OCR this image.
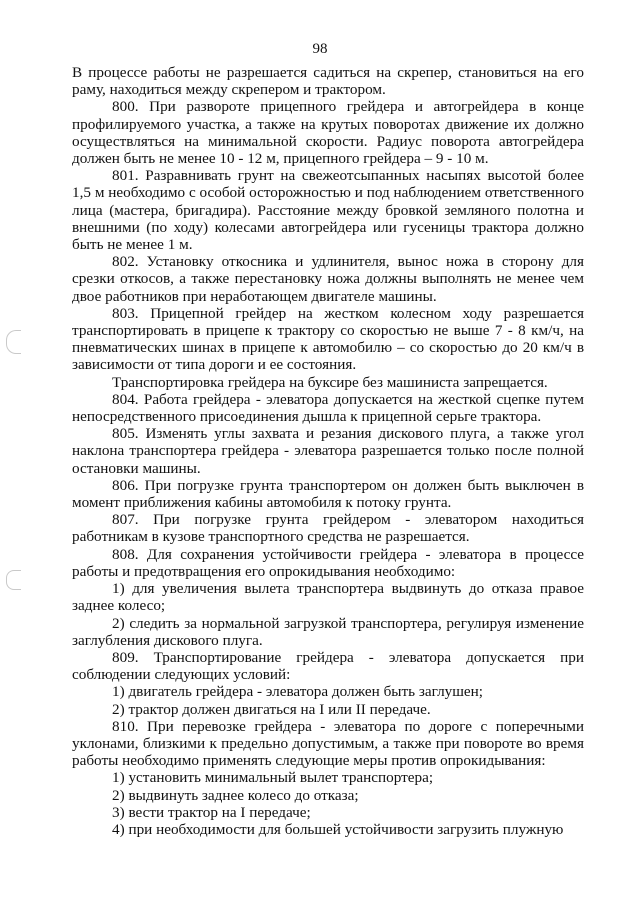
98

В процессе работы не разрешается садиться на скрепер, становиться на его раму, находиться между скрепером и трактором.

800. При развороте прицепного грейдера и автогрейдера в конце профилируемого участка, а также на крутых поворотах движение их должно осуществляться на минимальной скорости. Радиус поворота автогрейдера должен быть не менее 10 - 12 м, прицепного грейдера – 9 - 10 м.

801. Разравнивать грунт на свежеотсыпанных насыпях высотой более 1,5 м необходимо с особой осторожностью и под наблюдением ответственного лица (мастера, бригадира). Расстояние между бровкой земляного полотна и внешними (по ходу) колесами автогрейдера или гусеницы трактора должно быть не менее 1 м.

802. Установку откосника и удлинителя, вынос ножа в сторону для срезки откосов, а также перестановку ножа должны выполнять не менее чем двое работников при неработающем двигателе машины.

803. Прицепной грейдер на жестком колесном ходу разрешается транспортировать в прицепе к трактору со скоростью не выше 7 - 8 км/ч, на пневматических шинах в прицепе к автомобилю – со скоростью до 20 км/ч в зависимости от типа дороги и ее состояния.

Транспортировка грейдера на буксире без машиниста запрещается.

804. Работа грейдера - элеватора допускается на жесткой сцепке путем непосредственного присоединения дышла к прицепной серьге трактора.

805. Изменять углы захвата и резания дискового плуга, а также угол наклона транспортера грейдера - элеватора разрешается только после полной остановки машины.

806. При погрузке грунта транспортером он должен быть выключен в момент приближения кабины автомобиля к потоку грунта.

807. При погрузке грунта грейдером - элеватором находиться работникам в кузове транспортного средства не разрешается.

808. Для сохранения устойчивости грейдера - элеватора в процессе работы и предотвращения его опрокидывания необходимо:

1) для увеличения вылета транспортера выдвинуть до отказа правое заднее колесо;

2) следить за нормальной загрузкой транспортера, регулируя изменение заглубления дискового плуга.

809. Транспортирование грейдера - элеватора допускается при соблюдении следующих условий:

1) двигатель грейдера - элеватора должен быть заглушен;

2) трактор должен двигаться на I или II передаче.

810. При перевозке грейдера - элеватора по дороге с поперечными уклонами, близкими к предельно допустимым, а также при повороте во время работы необходимо применять следующие меры против опрокидывания:

1) установить минимальный вылет транспортера;

2) выдвинуть заднее колесо до отказа;

3) вести трактор на I передаче;

4) при необходимости для большей устойчивости загрузить плужную
